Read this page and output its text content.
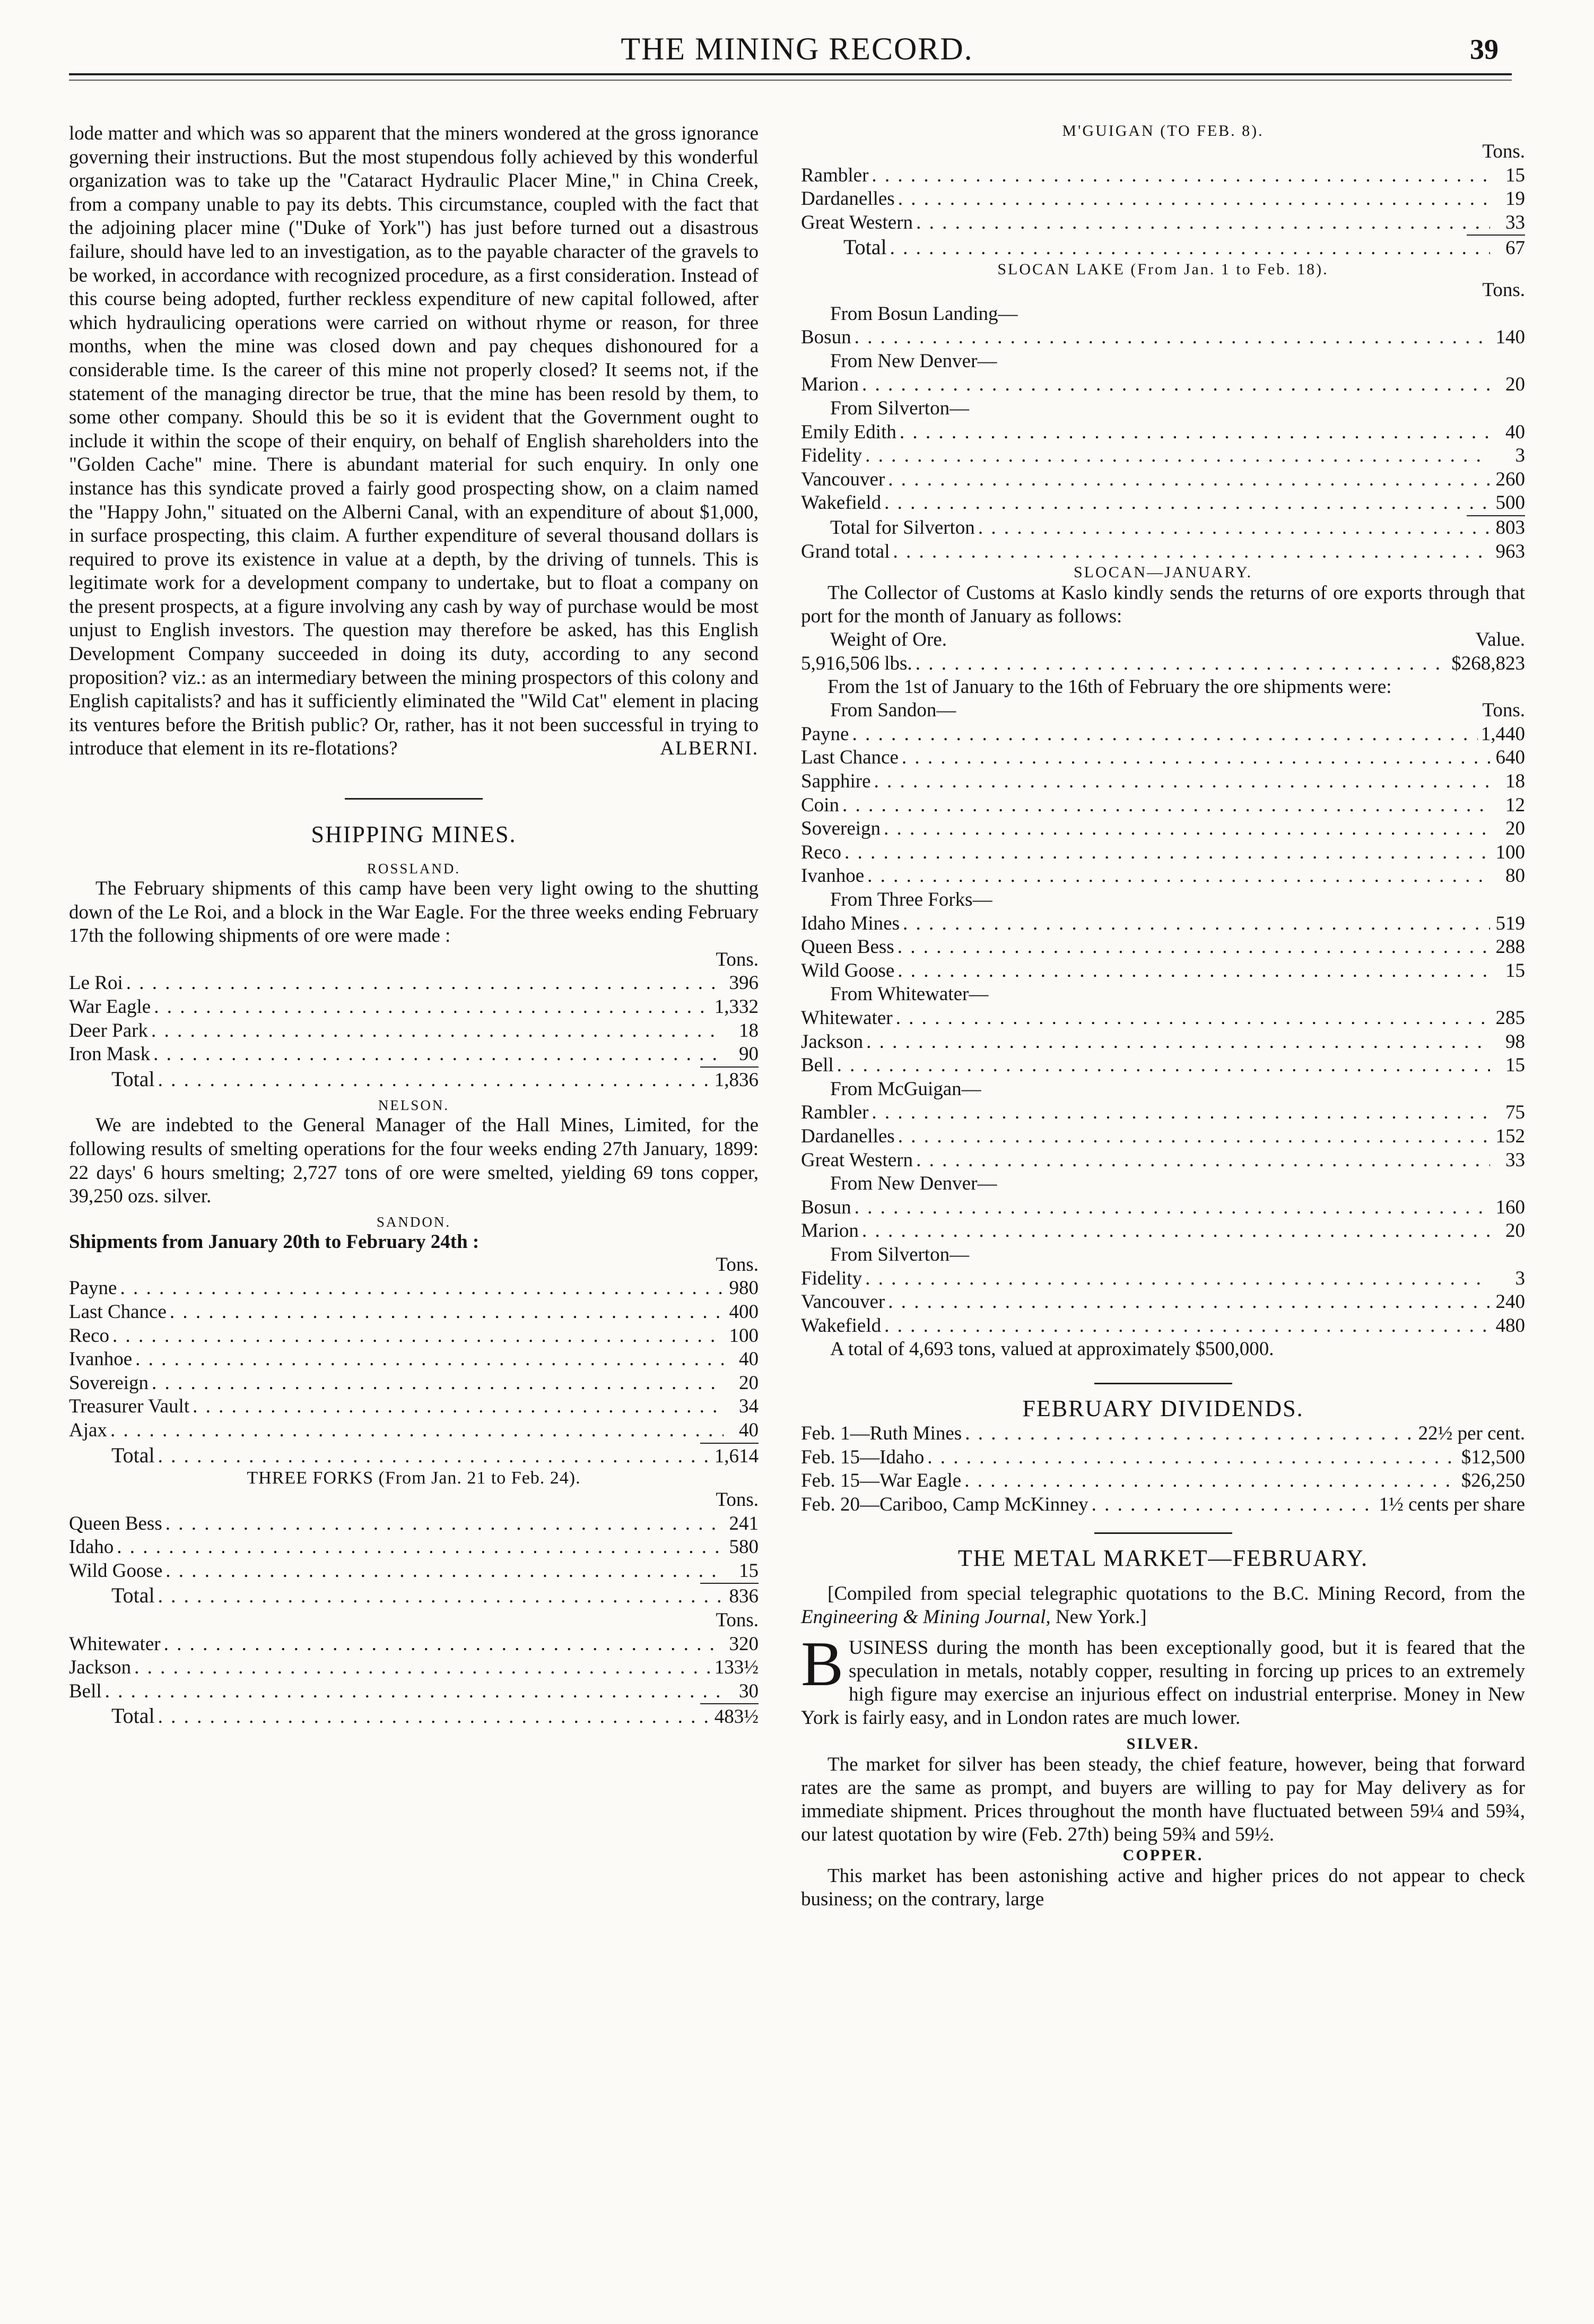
THE MINING RECORD.	39

lode matter and which was so apparent that the miners wondered at the gross ignorance governing their instructions. But the most stupendous folly achieved by this wonderful organization was to take up the "Cataract Hydraulic Placer Mine," in China Creek, from a company unable to pay its debts. This circumstance, coupled with the fact that the adjoining placer mine ("Duke of York") has just before turned out a disastrous failure, should have led to an investigation, as to the payable character of the gravels to be worked, in accordance with recognized procedure, as a first consideration. Instead of this course being adopted, further reckless expenditure of new capital followed, after which hydraulicing operations were carried on without rhyme or reason, for three months, when the mine was closed down and pay cheques dishonoured for a considerable time. Is the career of this mine not properly closed? It seems not, if the statement of the managing director be true, that the mine has been resold by them, to some other company. Should this be so it is evident that the Government ought to include it within the scope of their enquiry, on behalf of English shareholders into the "Golden Cache" mine. There is abundant material for such enquiry. In only one instance has this syndicate proved a fairly good prospecting show, on a claim named the "Happy John," situated on the Alberni Canal, with an expenditure of about $1,000, in surface prospecting, this claim. A further expenditure of several thousand dollars is required to prove its existence in value at a depth, by the driving of tunnels. This is legitimate work for a development company to undertake, but to float a company on the present prospects, at a figure involving any cash by way of purchase would be most unjust to English investors. The question may therefore be asked, has this English Development Company succeeded in doing its duty, according to any second proposition? viz.: as an intermediary between the mining prospectors of this colony and English capitalists? and has it sufficiently eliminated the "Wild Cat" element in placing its ventures before the British public? Or, rather, has it not been successful in trying to introduce that element in its re-flotations?	ALBERNI.

SHIPPING MINES.
ROSSLAND.

The February shipments of this camp have been very light owing to the shutting down of the Le Roi, and a block in the War Eagle. For the three weeks ending February 17th the following shipments of ore were made :

Tons.
Le Roi . . .	396
War Eagle . . .	1,332
Deer Park . . .	18
Iron Mask . . .	90
Total . . .	1,836
NELSON.

We are indebted to the General Manager of the Hall Mines, Limited, for the following results of smelting operations for the four weeks ending 27th January, 1899: 22 days' 6 hours smelting; 2,727 tons of ore were smelted, yielding 69 tons copper, 39,250 ozs. silver.

SANDON.
Shipments from January 20th to February 24th :
Tons.
Payne . . .	980
Last Chance . . .	400
Reco . . .	100
Ivanhoe . . .	40
Sovereign . . .	20
Treasurer Vault . . .	34
Ajax . . .	40
Total . . .	1,614
THREE FORKS (From Jan. 21 to Feb. 24).
Tons.
Queen Bess . . .	241
Idaho . . .	580
Wild Goose . . .	15
Total . . .	836
Tons.
Whitewater . . .	320
Jackson . . .	133½
Bell . . .	30
Total . . .	483½
M'GUIGAN (TO FEB. 8).
Tons.
Rambler . . .	15
Dardanelles . . .	19
Great Western . . .	33
Total . . .	67
SLOCAN LAKE (From Jan. 1 to Feb. 18).
Tons.
From Bosun Landing—
Bosun . . .	140
From New Denver—
Marion . . .	20
From Silverton—
Emily Edith . . .	40
Fidelity . . .	3
Vancouver . . .	260
Wakefield . . .	500
Total for Silverton . . .	803
Grand total . . .	963
SLOCAN—JANUARY.

The Collector of Customs at Kaslo kindly sends the returns of ore exports through that port for the month of January as follows:

Weight of Ore.	Value.
5,916,506 lbs. . . .	$268,823

From the 1st of January to the 16th of February the ore shipments were:

From Sandon—	Tons.
Payne . . .	1,440
Last Chance . . .	640
Sapphire . . .	18
Coin . . .	12
Sovereign . . .	20
Reco . . .	100
Ivanhoe . . .	80
From Three Forks—
Idaho Mines . . .	519
Queen Bess . . .	288
Wild Goose . . .	15
From Whitewater—
Whitewater . . .	285
Jackson . . .	98
Bell . . .	15
From McGuigan—
Rambler . . .	75
Dardanelles . . .	152
Great Western . . .	33
From New Denver—
Bosun . . .	160
Marion . . .	20
From Silverton—
Fidelity . . .	3
Vancouver . . .	240
Wakefield . . .	480
A total of 4,693 tons, valued at approximately $500,000.
FEBRUARY DIVIDENDS.
Feb. 1—Ruth Mines . . .	22½ per cent.
Feb. 15—Idaho . . .	$12,500
Feb. 15—War Eagle . . .	$26,250
Feb. 20—Cariboo, Camp McKinney . . .	1½ cents per share
THE METAL MARKET—FEBRUARY.

[Compiled from special telegraphic quotations to the B.C. Mining Record, from the Engineering & Mining Journal, New York.]

BUSINESS during the month has been exceptionally good, but it is feared that the speculation in metals, notably copper, resulting in forcing up prices to an extremely high figure may exercise an injurious effect on industrial enterprise. Money in New York is fairly easy, and in London rates are much lower.

SILVER.

The market for silver has been steady, the chief feature, however, being that forward rates are the same as prompt, and buyers are willing to pay for May delivery as for immediate shipment. Prices throughout the month have fluctuated between 59¼ and 59¾, our latest quotation by wire (Feb. 27th) being 59¾ and 59½.

COPPER.

This market has been astonishing active and higher prices do not appear to check business; on the contrary, large
